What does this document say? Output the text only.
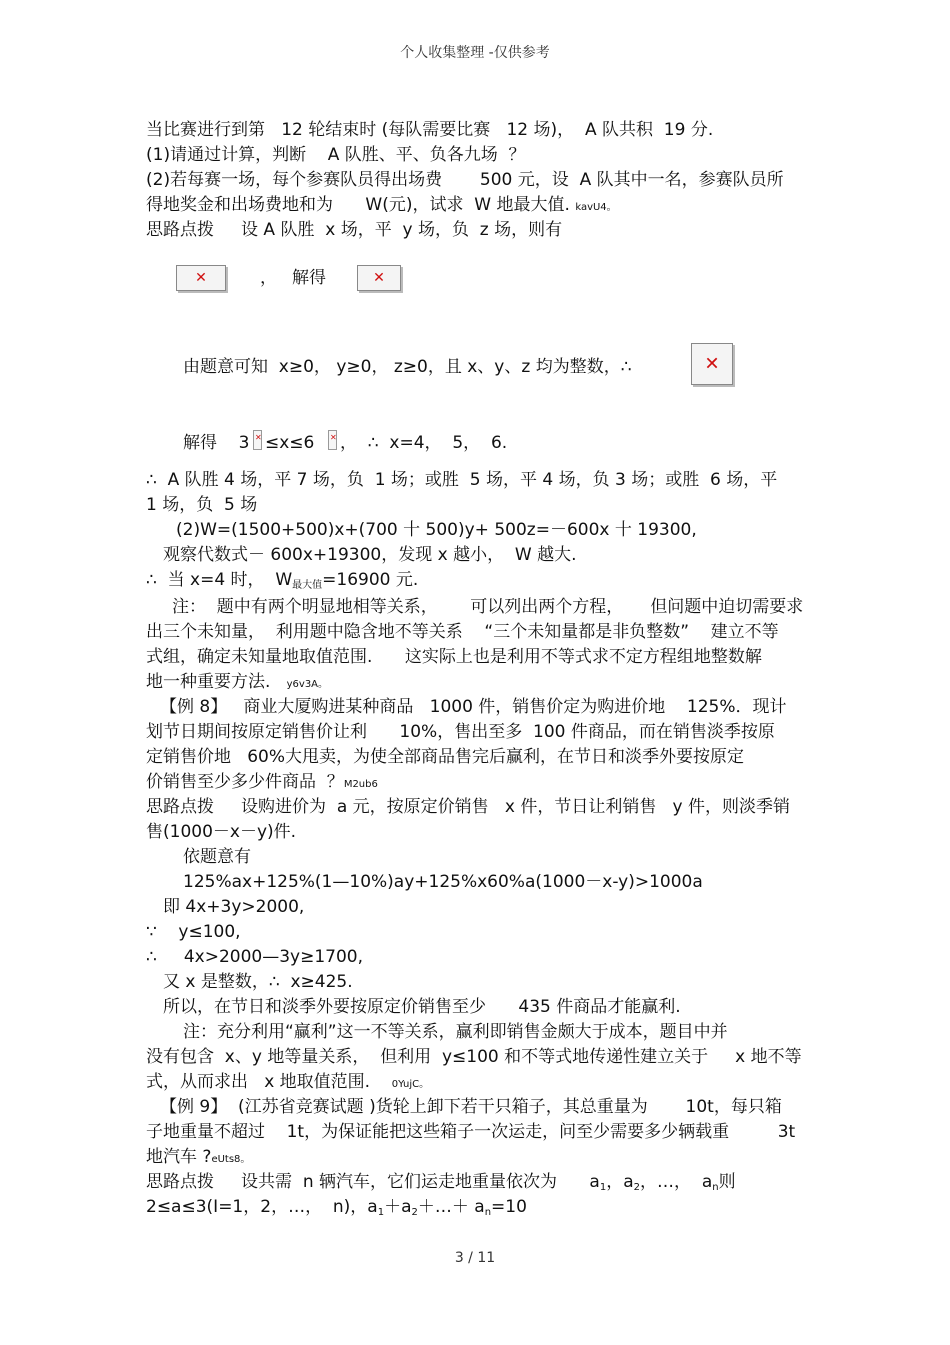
个人收集整理 -仅供参考
当比赛进行到第   12 轮结束时 (每队需要比赛   12 场)，  A 队共积  19 分.
(1)请通过计算，判断    A 队胜、平、负各九场  ？
(2)若每赛一场，每个参赛队员得出场费       500 元，设  A 队其中一名，参赛队员所
得地奖金和出场费地和为      W(元)，试求  W 地最大值. kavU4。
思路点拨     设 A 队胜  x 场，平  y 场，负  z 场，则有
✕	， 解得	✕
由题意可知  x≥0， y≥0， z≥0，且 x、y、z 均为整数，∴	✕
解得    3 ✕ ≤x≤6 ✕ ，  ∴  x=4，  5，  6.
∴  A 队胜 4 场，平 7 场，负  1 场；或胜  5 场，平 4 场，负 3 场；或胜  6 场，平
1 场，负  5 场
(2)W=(1500+500)x+(700 十 500)y+ 500z=－600x 十 19300,
观察代数式－ 600x+19300，发现 x 越小，  W 越大.
∴  当 x=4 时，  $W_{最大值}=16900$ 元.
注：  题中有两个明显地相等关系，      可以列出两个方程，     但问题中迫切需要求
出三个未知量，  利用题中隐含地不等关系    “三个未知量都是非负整数”    建立不等
式组，确定未知量地取值范围.      这实际上也是利用不等式求不定方程组地整数解
地一种重要方法. y6v3A。
【例 8】   商业大厦购进某种商品   1000 件，销售价定为购进价地    125%．现计
划节日期间按原定销售价让利      10%，售出至多  100 件商品，而在销售淡季按原
定销售价地   60%大甩卖，为使全部商品售完后赢利，在节日和淡季外要按原定
价销售至少多少件商品  ？M2ub6
思路点拨     设购进价为  a 元，按原定价销售   x 件，节日让利销售   y 件，则淡季销
售(1000－x－y)件.
依题意有
125%ax+125%(1—10%)ay+125%x60%a(1000－x-y)>1000a
即 4x+3y>2000,
∵    y≤100,
∴     4x>2000—3y≥1700,
又 x 是整数，∴  x≥425.
所以，在节日和淡季外要按原定价销售至少      435 件商品才能赢利.
注：充分利用“赢利”这一不等关系，赢利即销售金颇大于成本，题目中并
没有包含  x、y 地等量关系，  但利用  y≤100 和不等式地传递性建立关于     x 地不等
式，从而求出   x 地取值范围. 0YujC。
【例 9】  (江苏省竞赛试题 )货轮上卸下若干只箱子，其总重量为       10t，每只箱
子地重量不超过    1t，为保证能把这些箱子一次运走，问至少需要多少辆载重         3t
地汽车 ?eUts8。
思路点拨     设共需  n 辆汽车，它们运走地重量依次为      $a_1$，$a_2$，…，  $a_n$则
2≤a≤3(I=1，2，…，  n)，$a_1+a_2+\dots+ a_n=10$
3 / 11
